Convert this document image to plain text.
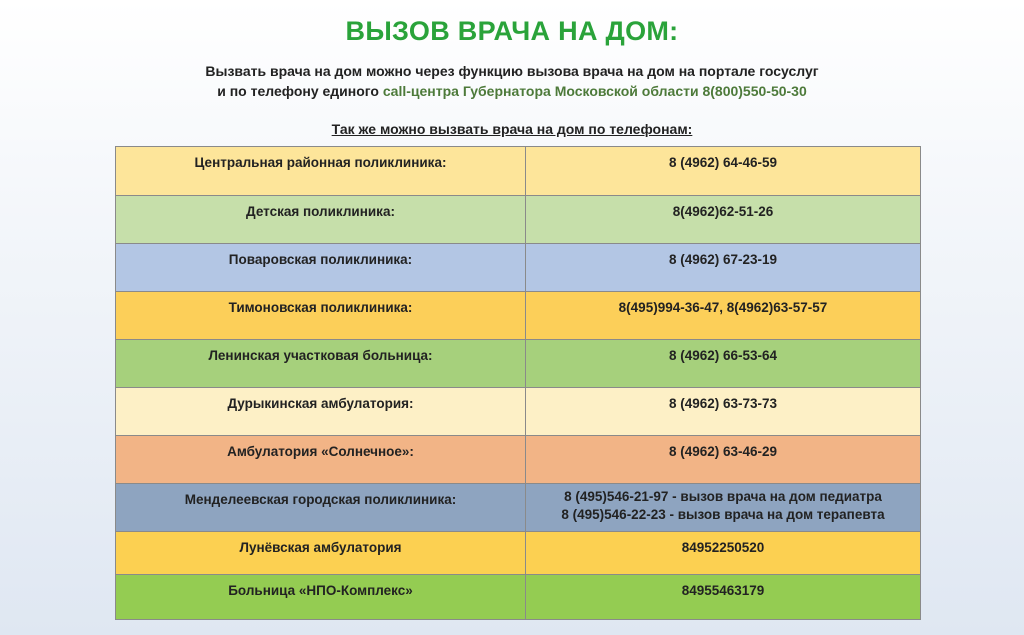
ВЫЗОВ ВРАЧА НА ДОМ:
Вызвать врача на дом можно через функцию вызова врача на дом на портале госуслуг
и по телефону единого call-центра Губернатора Московской области 8(800)550-50-30
Так же можно вызвать врача на дом по телефонам:
Центральная районная поликлиника:	8 (4962) 64-46-59
Детская поликлиника:	8(4962)62-51-26
Поваровская поликлиника:	8 (4962) 67-23-19
Тимоновская поликлиника:	8(495)994-36-47, 8(4962)63-57-57
Ленинская участковая больница:	8 (4962) 66-53-64
Дурыкинская амбулатория:	8 (4962) 63-73-73
Амбулатория «Солнечное»:	8 (4962) 63-46-29
Менделеевская городская поликлиника:	8 (495)546-21-97 - вызов врача на дом педиатра
8 (495)546-22-23 - вызов врача на дом терапевта

Лунёвская амбулатория	84952250520
Больница «НПО-Комплекс»	84955463179
